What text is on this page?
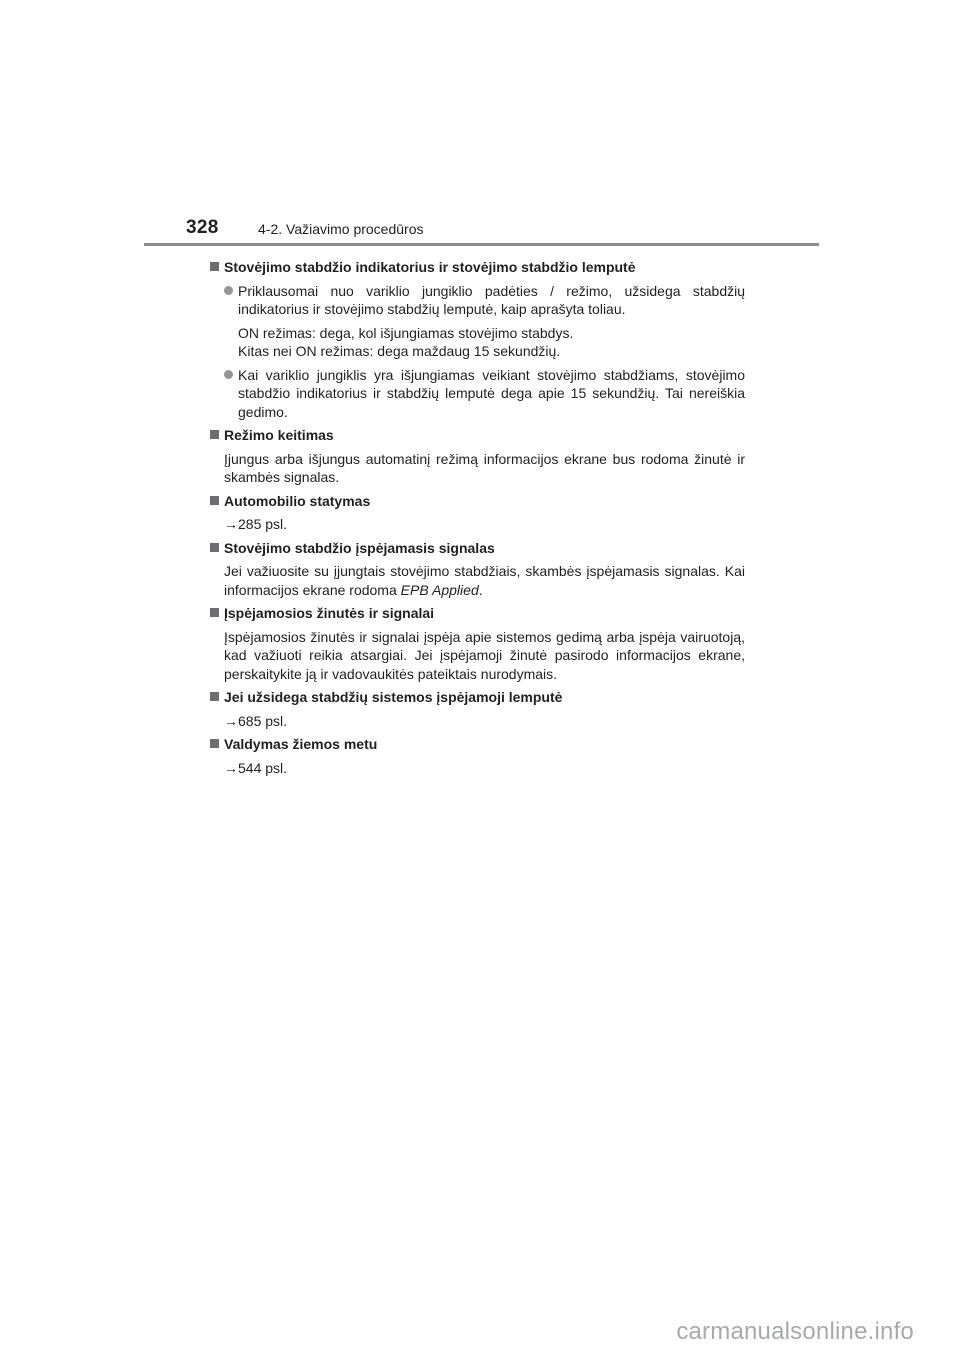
328	4-2. Važiavimo procedūros
Stovėjimo stabdžio indikatorius ir stovėjimo stabdžio lemputė
Priklausomai nuo variklio jungiklio padėties / režimo, užsidega stabdžių indikatorius ir stovėjimo stabdžių lemputė, kaip aprašyta toliau.
ON režimas: dega, kol išjungiamas stovėjimo stabdys.
Kitas nei ON režimas: dega maždaug 15 sekundžių.
Kai variklio jungiklis yra išjungiamas veikiant stovėjimo stabdžiams, stovėjimo stabdžio indikatorius ir stabdžių lemputė dega apie 15 sekundžių. Tai nereiškia gedimo.
Režimo keitimas
Įjungus arba išjungus automatinį režimą informacijos ekrane bus rodoma žinutė ir skambės signalas.
Automobilio statymas
→285 psl.
Stovėjimo stabdžio įspėjamasis signalas
Jei važiuosite su įjungtais stovėjimo stabdžiais, skambės įspėjamasis signalas. Kai informacijos ekrane rodoma EPB Applied.
Įspėjamosios žinutės ir signalai
Įspėjamosios žinutės ir signalai įspėja apie sistemos gedimą arba įspėja vairuotoją, kad važiuoti reikia atsargiai. Jei įspėjamoji žinutė pasirodo informacijos ekrane, perskaitykite ją ir vadovaukitės pateiktais nurodymais.
Jei užsidega stabdžių sistemos įspėjamoji lemputė
→685 psl.
Valdymas žiemos metu
→544 psl.
carmanualsonline.info
